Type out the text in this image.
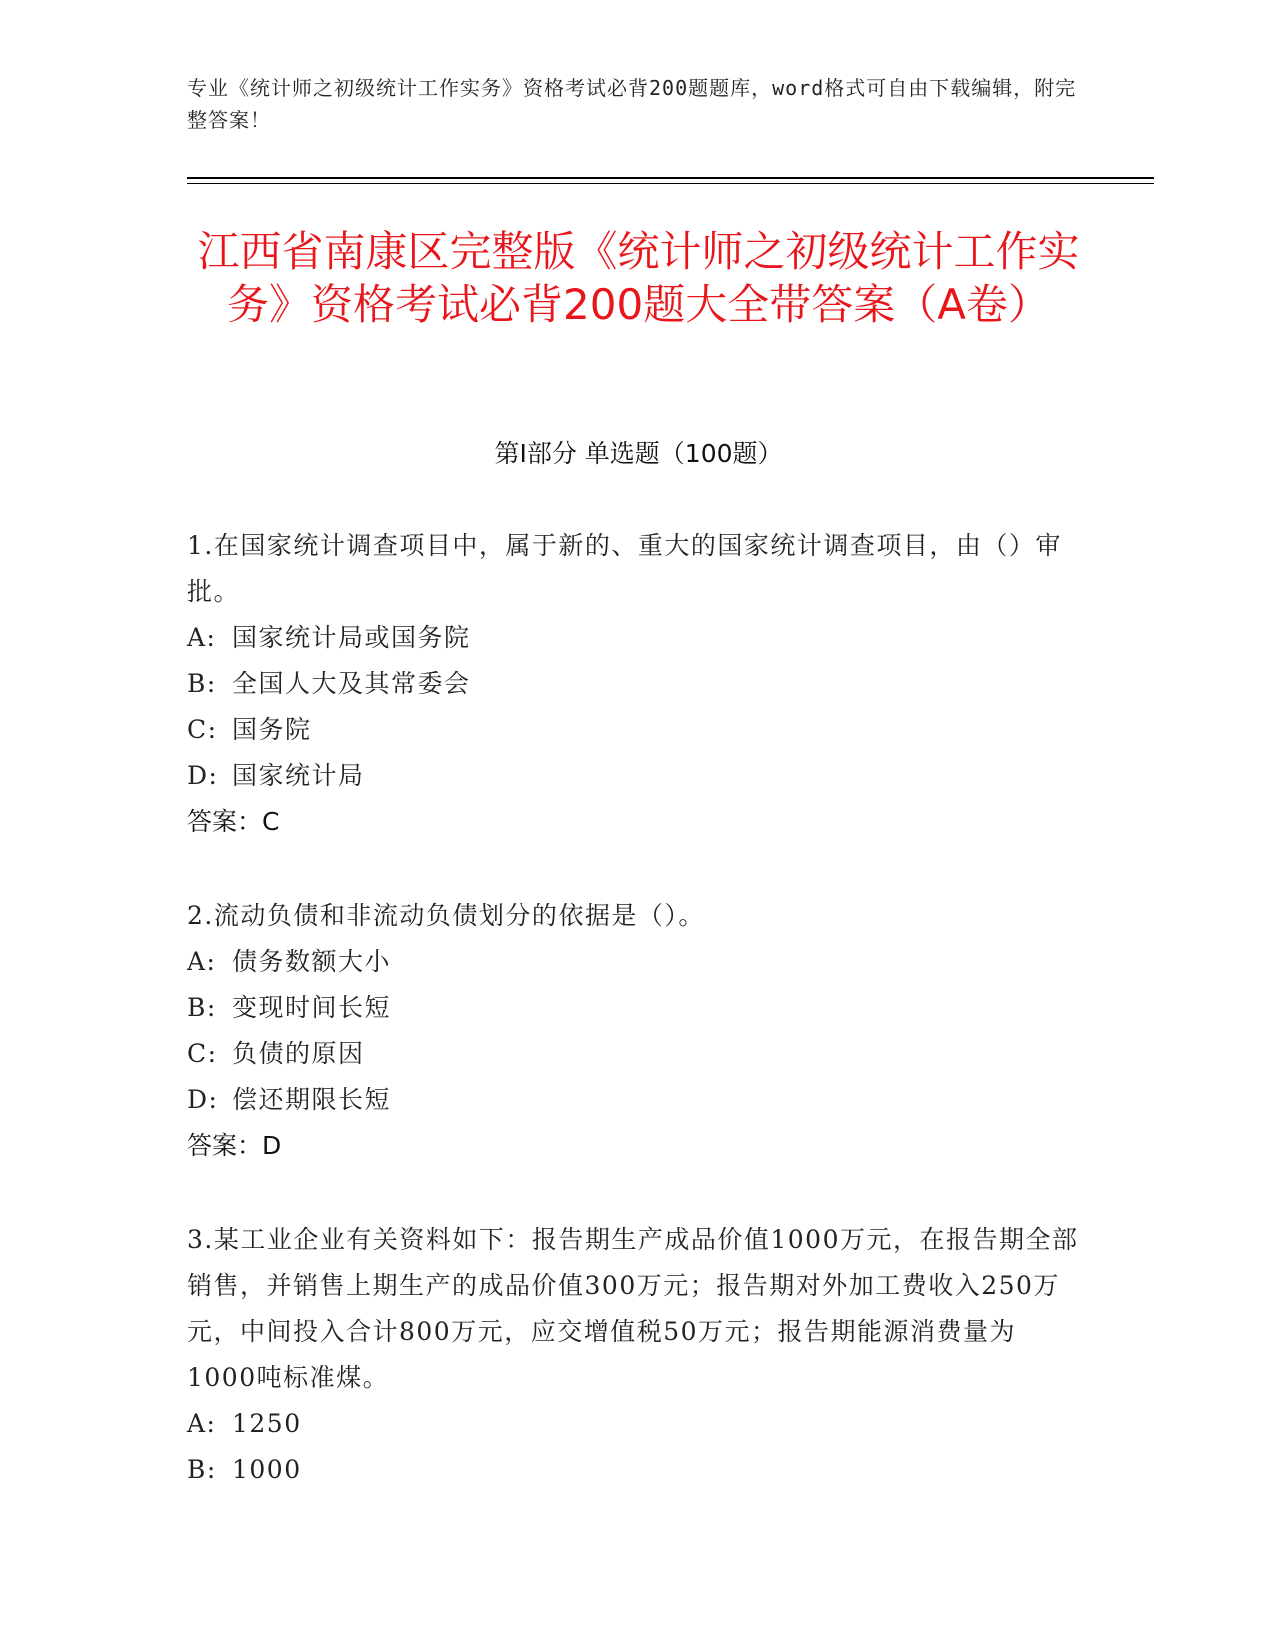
专业《统计师之初级统计工作实务》资格考试必背200题题库，word格式可自由下载编辑，附完整答案！
江西省南康区完整版《统计师之初级统计工作实务》资格考试必背200题大全带答案（A卷）
第Ⅰ部分 单选题（100题）
1.在国家统计调查项目中，属于新的、重大的国家统计调查项目，由（）审批。
A: 国家统计局或国务院
B: 全国人大及其常委会
C: 国务院
D: 国家统计局
答案：C
2.流动负债和非流动负债划分的依据是（）。
A: 债务数额大小
B: 变现时间长短
C: 负债的原因
D: 偿还期限长短
答案：D
3.某工业企业有关资料如下：报告期生产成品价值1000万元，在报告期全部销售，并销售上期生产的成品价值300万元；报告期对外加工费收入250万元，中间投入合计800万元，应交增值税50万元；报告期能源消费量为1000吨标准煤。
A: 1250
B: 1000
